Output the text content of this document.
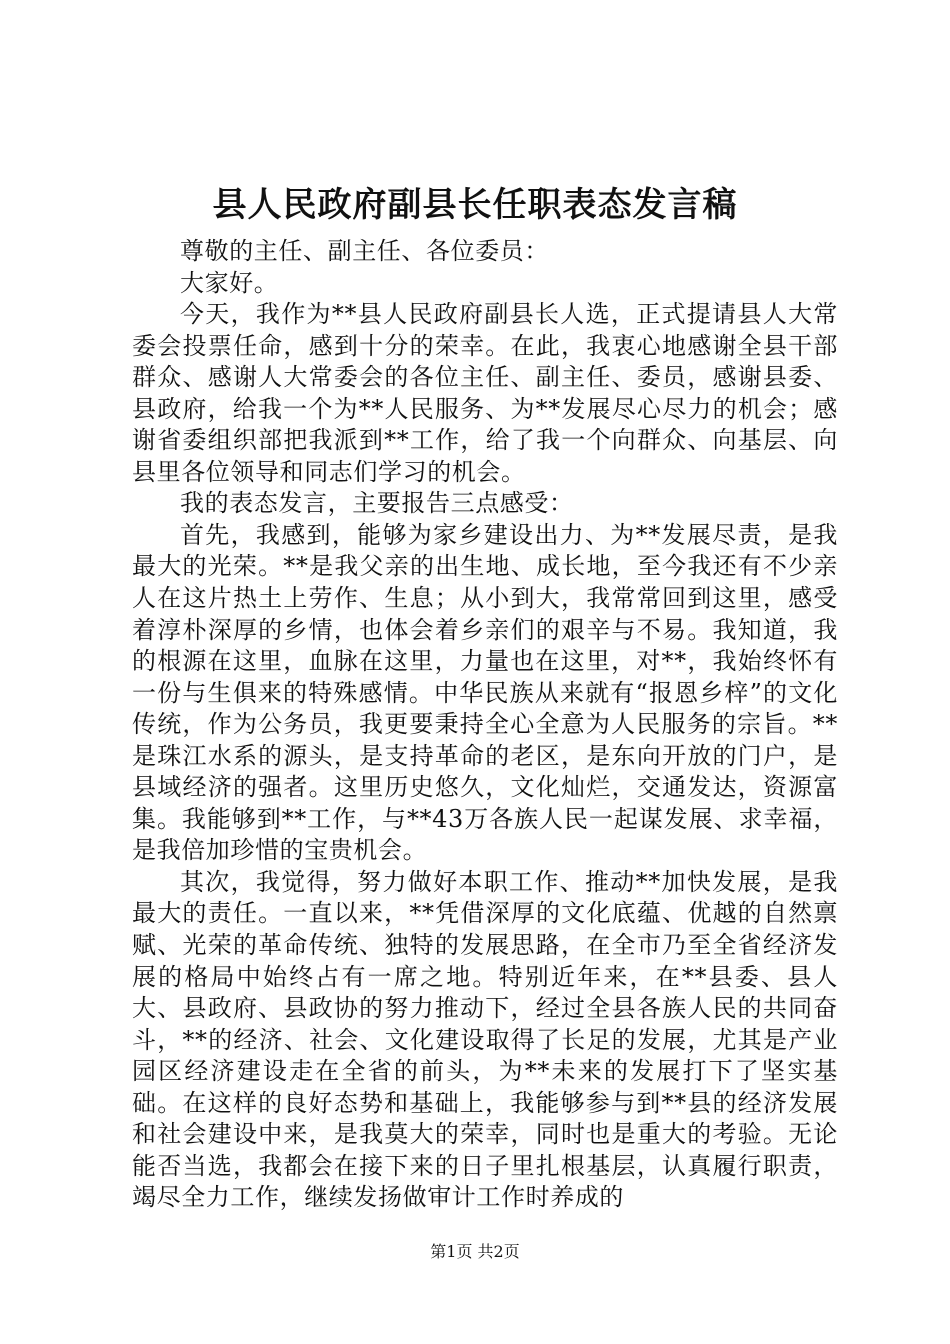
县人民政府副县长任职表态发言稿

尊敬的主任、副主任、各位委员：

大家好。

今天，我作为**县人民政府副县长人选，正式提请县人大常委会投票任命，感到十分的荣幸。在此，我衷心地感谢全县干部群众、感谢人大常委会的各位主任、副主任、委员，感谢县委、县政府，给我一个为**人民服务、为**发展尽心尽力的机会；感谢省委组织部把我派到**工作，给了我一个向群众、向基层、向县里各位领导和同志们学习的机会。

我的表态发言，主要报告三点感受：

首先，我感到，能够为家乡建设出力、为**发展尽责，是我最大的光荣。**是我父亲的出生地、成长地，至今我还有不少亲人在这片热土上劳作、生息；从小到大，我常常回到这里，感受着淳朴深厚的乡情，也体会着乡亲们的艰辛与不易。我知道，我的根源在这里，血脉在这里，力量也在这里，对**，我始终怀有一份与生俱来的特殊感情。中华民族从来就有“报恩乡梓”的文化传统，作为公务员，我更要秉持全心全意为人民服务的宗旨。**是珠江水系的源头，是支持革命的老区，是东向开放的门户，是县域经济的强者。这里历史悠久，文化灿烂，交通发达，资源富集。我能够到**工作，与**43万各族人民一起谋发展、求幸福，是我倍加珍惜的宝贵机会。

其次，我觉得，努力做好本职工作、推动**加快发展，是我最大的责任。一直以来，**凭借深厚的文化底蕴、优越的自然禀赋、光荣的革命传统、独特的发展思路，在全市乃至全省经济发展的格局中始终占有一席之地。特别近年来，在**县委、县人大、县政府、县政协的努力推动下，经过全县各族人民的共同奋斗，**的经济、社会、文化建设取得了长足的发展，尤其是产业园区经济建设走在全省的前头，为**未来的发展打下了坚实基础。在这样的良好态势和基础上，我能够参与到**县的经济发展和社会建设中来，是我莫大的荣幸，同时也是重大的考验。无论能否当选，我都会在接下来的日子里扎根基层，认真履行职责，竭尽全力工作，继续发扬做审计工作时养成的

第1页 共2页
